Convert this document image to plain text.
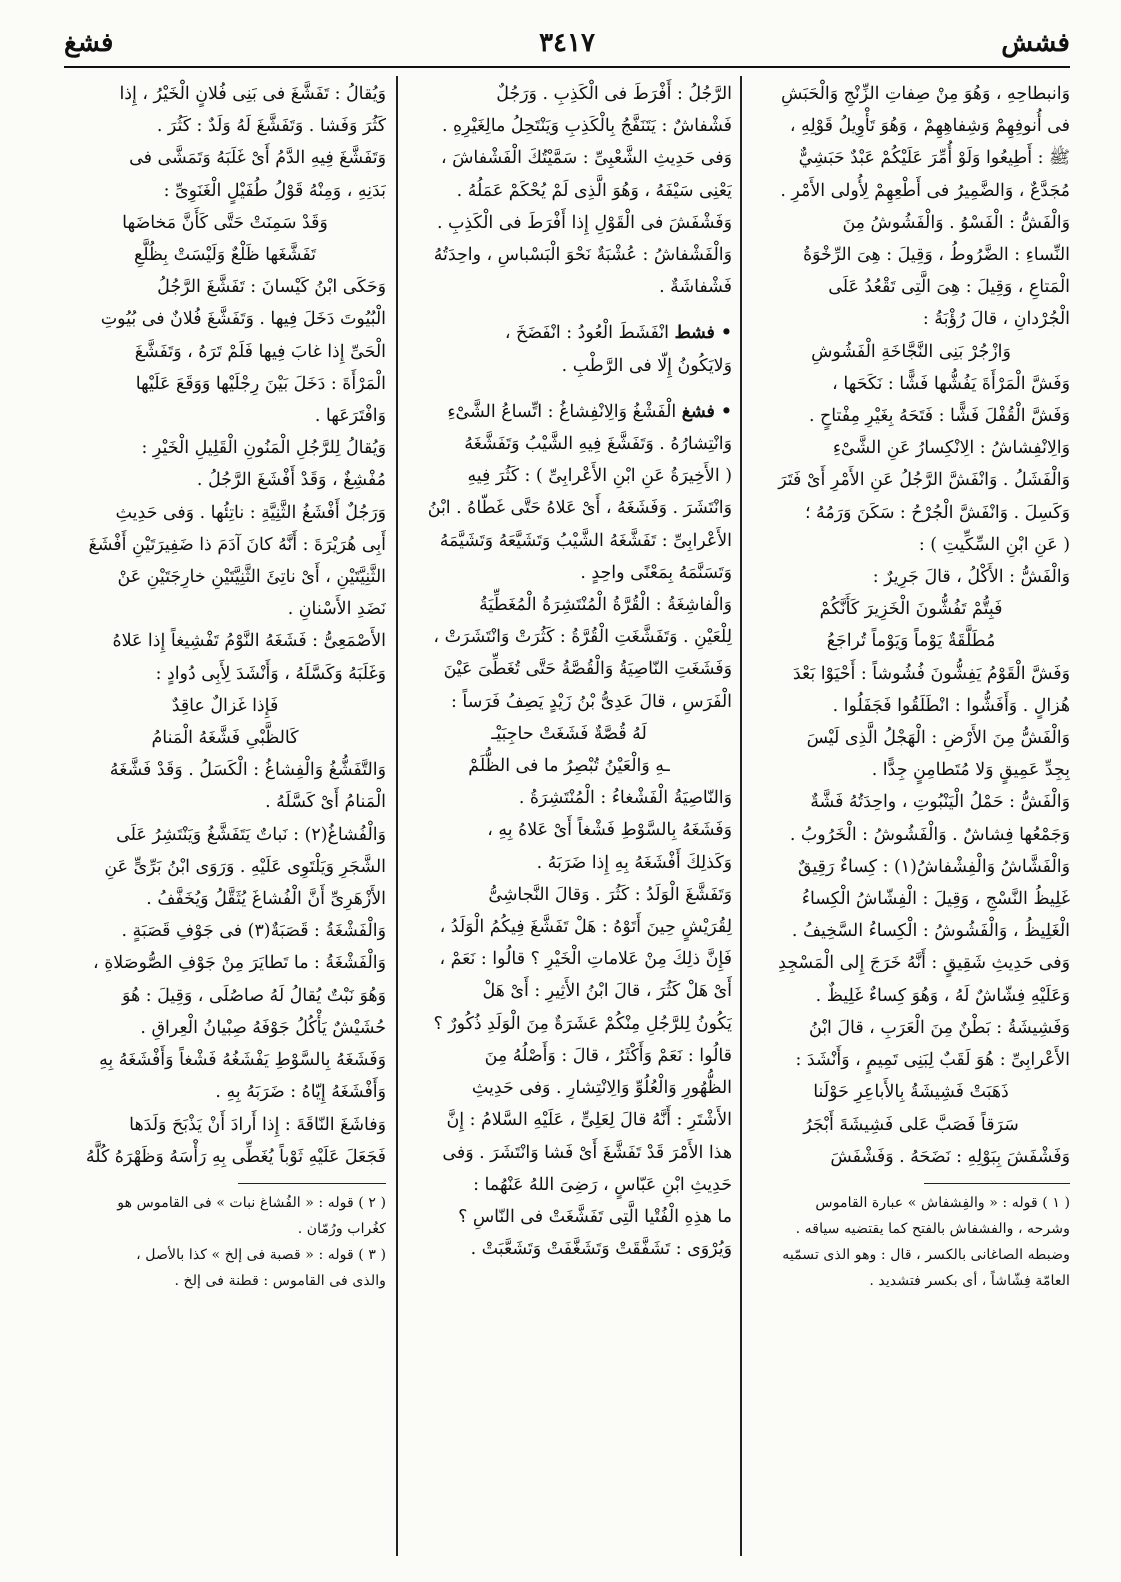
فشش
٣٤١٧
فشغ

وَانبطاحِهِ ، وَهُوَ مِنْ صِفاتِ الزِّنْجِ وَالْحَبَشِ

فى أُنوفِهِمْ وَشِفاهِهِمْ ، وَهُوَ تَأْوِيلُ قَوْلِهِ ،

ﷺ : أَطِيعُوا وَلَوْ أُمِّرَ عَلَيْكُمْ عَبْدٌ حَبَشِيٌّ

مُجَدَّعٌ ، وَالضَّمِيرُ فى أَطْعِهِمْ لِأُولى الأَمْرِ .

وَالْفَشُّ : الْفَسْوُ . وَالْفَشُوشُ مِنَ

النِّساءِ : الضَّرُوطُ ، وَقِيلَ : هِىَ الرِّخْوَةُ

الْمَتاعِ ، وَقِيلَ : هِىَ الَّتِى تَقْعُدُ عَلَى

الْجُرْدانِ ، قالَ رُؤْبَةُ :

وَازْجُرْ بَنِى النَّجَّاخَةِ الْفَشُوشِ

وَفَشَّ الْمَرْأَةَ يَفُشُّها فَشًّا : نَكَحَها ،

وَفَشَّ الْقُفْلَ فَشًّا : فَتَحَهُ بِغَيْرِ مِفْتاحٍ .

وَالِانْفِشاشُ : الِانْكِسارُ عَنِ الشَّىْءِ

وَالْفَشَلُ . وَانْفَشَّ الرَّجُلُ عَنِ الأَمْرِ أَىْ فَتَرَ

وَكَسِلَ . وَانْفَشَّ الْجُرْحُ : سَكَنَ وَرَمُهُ ؛

( عَنِ ابْنِ السِّكِّيتِ ) :

وَالْفَشُّ : الأَكْلُ ، قالَ جَرِيرٌ :

فَبِتُّمْ تَفُشُّونَ الْخَزِيرَ كَأَنَّكُمْ

مُطَلَّقَةٌ يَوْماً وَيَوْماً تُراجَعُ

وَفَشَّ الْقَوْمُ يَفِشُّونَ فُشُوشاً : أَحْيَوْا بَعْدَ

هُزالٍ . وَأَفَشُّوا : انْطَلَقُوا فَجَفَلُوا .

وَالْفَشُّ مِنَ الأَرْضِ : الْهَجْلُ الَّذِى لَيْسَ

بِجِدِّ عَمِيقٍ وَلا مُتَطامِنٍ جِدًّا .

وَالْفَشُّ : حَمْلُ الْيَنْبُوتِ ، واحِدَتُهُ فَشَّةٌ

وَجَمْعُها فِشاشٌ . وَالْفَشُوشُ : الْخَرُوبُ .

وَالْفَشَّاشُ وَالْفِشْفاشُ(١) : كِساءٌ رَقِيقٌ

غَلِيظُ النَّسْجِ ، وَقِيلَ : الْفِشّاشُ الْكِساءُ

الْغَلِيظُ ، وَالْفَشُوشُ : الْكِساءُ السَّخِيفُ .

وَفى حَدِيثِ شَقِيقٍ : أَنَّهُ خَرَجَ إِلى الْمَسْجِدِ

وَعَلَيْهِ فِشّاشٌ لَهُ ، وَهُوَ كِساءٌ غَلِيظٌ .

وَفَشِيشَةُ : بَطْنٌ مِنَ الْعَرَبِ ، قالَ ابْنُ

الأَعْرابِىِّ : هُوَ لَقَبٌ لِبَنِى تَمِيمٍ ، وَأَنْشَدَ :

ذَهَبَتْ فَشِيشَةُ بِالأَباعِرِ حَوْلَنا

سَرَقاً فَصَبَّ عَلى فَشِيشَةَ أَبْجَرُ

وَفَشْفَشَ بِبَوْلِهِ : نَضَحَهُ . وَفَشْفَشَ

( ١ ) قوله : « والفِشفاش » عبارة القاموس

وشرحه ، والفشفاش بالفتح كما يقتضيه سياقه .

وضبطه الصاغانى بالكسر ، قال : وهو الذى تسمّيه

العامّة فِشّاشاً ، أى بكسر فتشديد .

الرَّجُلُ : أَفْرَطَ فى الْكَذِبِ . وَرَجُلٌ

فَشْفاشٌ : يَتَنَفَّجُ بِالْكَذِبِ وَيَنْتَحِلُ مالِغَيْرِهِ .

وَفى حَدِيثِ الشَّعْبِىِّ : سَمَّيْتُكَ الْفَشْفاشَ ،

يَعْنِى سَيْفَهُ ، وَهُوَ الَّذِى لَمْ يُحْكَمْ عَمَلُهُ .

وَفَشْفَشَ فى الْقَوْلِ إِذا أَفْرَطَ فى الْكَذِبِ .

وَالْفَشْفاشُ : عُشْبَةٌ نَحْوَ الْبَسْباسِ ، واحِدَتُهُ

فَشْفاشَةٌ .

• فشط انْفَشَطَ الْعُودُ : انْفَضَخَ ،

وَلايَكُونُ إِلّا فى الرَّطْبِ .

• فشغ الْفَشْغُ وَالِانْفِشاغُ : اتِّساعُ الشَّىْءِ

وَانْتِشارُهُ . وَتَفَشَّغَ فِيهِ الشَّيْبُ وَتَفَشَّغَهُ

( الأَخِيرَةُ عَنِ ابْنِ الأَعْرابِىِّ ) : كَثُرَ فِيهِ

وَانْتَشَرَ . وَفَشَغَهُ ، أَىْ عَلاهُ حَتَّى غَطّاهُ . ابْنُ

الأَعْرابِىِّ : تَفَشَّغَهُ الشَّيْبُ وَتَشَيَّعَهُ وَتَشَيَّمَهُ

وَتَسَنَّمَهُ بِمَعْنًى واحِدٍ .

وَالْفاشِغَةُ : الْقُرَّةُ الْمُنْتَشِرَةُ الْمُغَطِّيَةُ

لِلْعَيْنِ . وَتَفَشَّغَتِ الْقُرَّةُ : كَثُرَتْ وَانْتَشَرَتْ ،

وَفَشَغَتِ النّاصِيَةُ وَالْقُصَّةُ حَتَّى تُغَطِّىَ عَيْنَ

الْفَرَسِ ، قالَ عَدِىُّ بْنُ زَيْدٍ يَصِفُ فَرَساً :

لَهُ قُصَّةٌ فَشَغَتْ حاجِبَيْـ

ـهِ وَالْعَيْنُ تُبْصِرُ ما فى الظُّلَمْ

وَالنّاصِيَةُ الْفَشْغاءُ : الْمُنْتَشِرَةُ .

وَفَشَغَهُ بِالسَّوْطِ فَشْغاً أَىْ عَلاهُ بِهِ ،

وَكَذلِكَ أَفْشَغَهُ بِهِ إِذا ضَرَبَهُ .

وَتَفَشَّغَ الْوَلَدُ : كَثُرَ . وَقالَ النَّجاشِىُّ

لِقُرَيْشٍ حِينَ أَتَوْهُ : هَلْ تَفَشَّغَ فِيكُمُ الْوَلَدُ ،

فَإِنَّ ذلِكَ مِنْ عَلاماتِ الْخَيْرِ ؟ قالُوا : نَعَمْ ،

أَىْ هَلْ كَثُرَ ، قالَ ابْنُ الأَثِيرِ : أَىْ هَلْ

يَكُونُ لِلرَّجُلِ مِنْكُمْ عَشَرَةٌ مِنَ الْوَلَدِ ذُكُورٌ ؟

قالُوا : نَعَمْ وَأَكْثَرُ ، قالَ : وَأَصْلُهُ مِنَ

الظُّهُورِ وَالْعُلُوِّ وَالِانْتِشارِ . وَفى حَدِيثِ

الأَشْتَرِ : أَنَّهُ قالَ لِعَلِىٍّ ، عَلَيْهِ السَّلامُ : إِنَّ

هذا الأَمْرَ قَدْ تَفَشَّغَ أَىْ فَشا وَانْتَشَرَ . وَفى

حَدِيثِ ابْنِ عَبّاسٍ ، رَضِىَ اللهُ عَنْهُما :

ما هذِهِ الْفُتْيا الَّتِى تَفَشَّغَتْ فى النّاسِ ؟

وَيُرْوَى : تَشَفَّقَتْ وَتَشَغَّفَتْ وَتَشَعَّبَتْ .

وَيُقالُ : تَفَشَّغَ فى بَنِى فُلانٍ الْخَيْرُ ، إِذا

كَثُرَ وَفَشا . وَتَفَشَّغَ لَهُ وَلَدٌ : كَثُرَ .

وَتَفَشَّغَ فِيهِ الدَّمُ أَىْ غَلَبَهُ وَتَمَشَّى فى

بَدَنِهِ ، وَمِنْهُ قَوْلُ طُفَيْلٍ الْغَنَوِىِّ :

وَقَدْ سَمِنَتْ حَتَّى كَأَنَّ مَخاضَها

تَفَشَّغَها ظَلْعٌ وَلَيْسَتْ بِظُلَّعِ

وَحَكَى ابْنُ كَيْسانَ : تَفَشَّغَ الرَّجُلُ

الْبُيُوتَ دَخَلَ فِيها . وَتَفَشَّغَ فُلانٌ فى بُيُوتِ

الْحَىِّ إِذا غابَ فِيها فَلَمْ تَرَهُ ، وَتَفَشَّغَ

الْمَرْأَةَ : دَخَلَ بَيْنَ رِجْلَيْها وَوَقَعَ عَلَيْها

وَافْتَرَعَها .

وَيُقالُ لِلرَّجُلِ الْمَنُونِ الْقَلِيلِ الْخَيْرِ :

مُفْشِغٌ ، وَقَدْ أَفْشَغَ الرَّجُلُ .

وَرَجُلٌ أَفْشَغُ الثَّنِيَّةِ : ناتِئُها . وَفى حَدِيثِ

أَبِى هُرَيْرَةَ : أَنَّهُ كانَ آدَمَ ذا ضَفِيرَتَيْنِ أَفْشَغَ

الثَّنِيَّتَيْنِ ، أَىْ ناتِئَ الثَّنِيَّتَيْنِ خارِجَتَيْنِ عَنْ

نَضَدِ الأَسْنانِ .

الأَصْمَعِىُّ : فَشَغَهُ النَّوْمُ تَفْشِيغاً إِذا عَلاهُ

وَغَلَبَهُ وَكَسَّلَهُ ، وَأَنْشَدَ لِأَبِى دُوادٍ :

فَإِذا غَزالٌ عاقِدٌ

كَالظَّبْىِ فَشَّغَهُ الْمَنامُ

وَالتَّفَشُّغُ وَالْفِشاغُ : الْكَسَلُ . وَقَدْ فَشَّغَهُ

الْمَنامُ أَىْ كَسَّلَهُ .

وَالْفُشاغُ(٢) : نَباتٌ يَتَفَشَّغُ وَيَنْتَشِرُ عَلَى

الشَّجَرِ وَيَلْتَوِى عَلَيْهِ . وَرَوَى ابْنُ بَرِّىٍّ عَنِ

الأَزْهَرِىِّ أَنَّ الْفُشاغَ يُثَقَّلُ وَيُخَفَّفُ .

وَالْفَشْغَةُ : قَصَبَةٌ(٣) فى جَوْفِ قَصَبَةٍ .

وَالْفَشْغَةُ : ما تَطايَرَ مِنْ جَوْفِ الصُّوصَلاةِ ،

وَهُوَ نَبْتٌ يُقالُ لَهُ صاصُلَى ، وَقِيلَ : هُوَ

حُشَيْشٌ يَأْكُلُ جَوْفَهُ صِبْيانُ الْعِراقِ .

وَفَشَغَهُ بِالسَّوْطِ يَفْشَغُهُ فَشْغاً وَأَفْشَغَهُ بِهِ

وَأَفْشَغَهُ إِيّاهُ : ضَرَبَهُ بِهِ .

وَفاشَغَ النّاقَةَ : إِذا أَرادَ أَنْ يَذْبَحَ وَلَدَها

فَجَعَلَ عَلَيْهِ ثَوْباً يُغَطِّى بِهِ رَأْسَهُ وَظَهْرَهُ كُلَّهُ

( ٢ ) قوله : « الفُشاغ نبات » فى القاموس هو

كغُراب ورُمّان .

( ٣ ) قوله : « قصبة فى إلخ » كذا بالأصل ،

والذى فى القاموس : قطنة فى إلخ .
